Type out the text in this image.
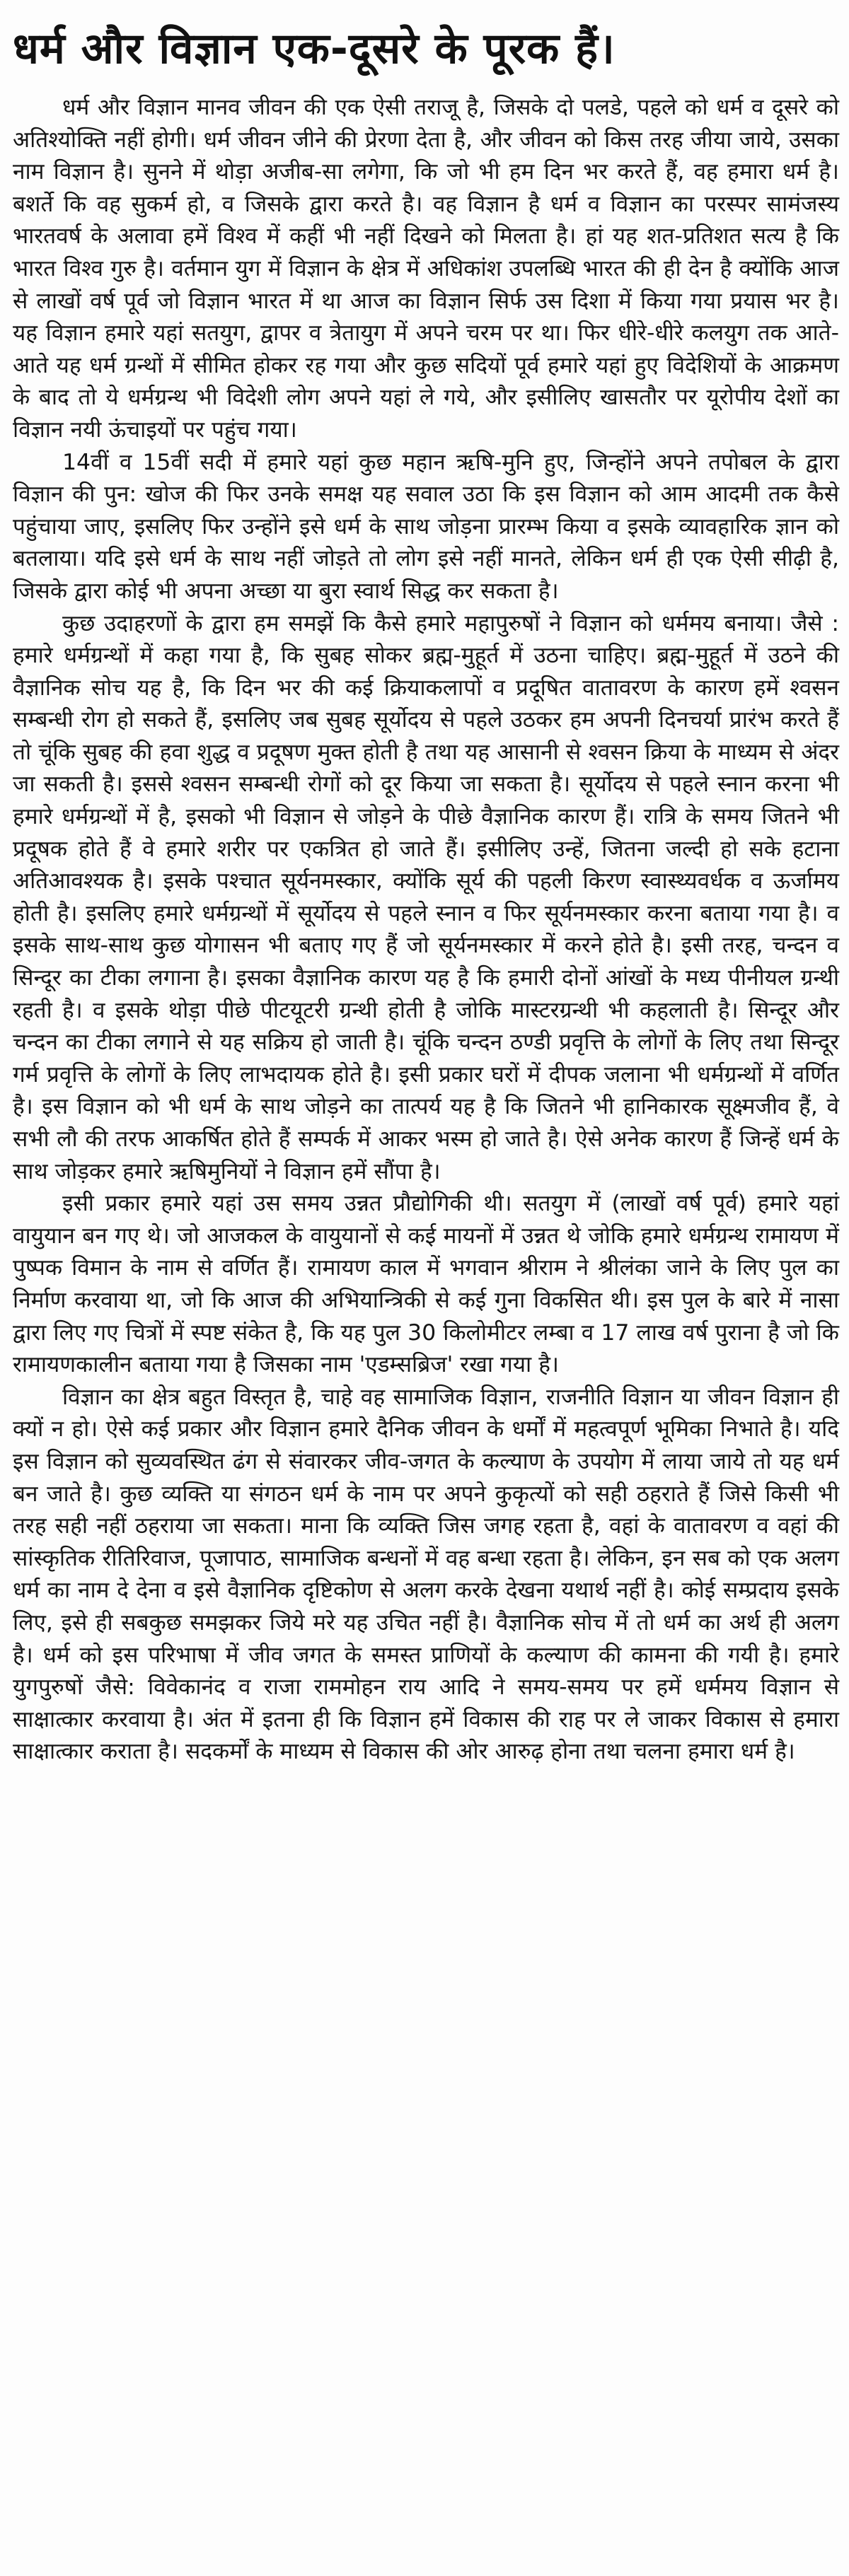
धर्म और विज्ञान एक-दूसरे के पूरक हैं।

धर्म और विज्ञान मानव जीवन की एक ऐसी तराजू है, जिसके दो पलडे, पहले को धर्म व दूसरे को अतिश्योक्ति नहीं होगी। धर्म जीवन जीने की प्रेरणा देता है, और जीवन को किस तरह जीया जाये, उसका नाम विज्ञान है। सुनने में थोड़ा अजीब-सा लगेगा, कि जो भी हम दिन भर करते हैं, वह हमारा धर्म है। बशर्ते कि वह सुकर्म हो, व जिसके द्वारा करते है। वह विज्ञान है धर्म व विज्ञान का परस्पर सामंजस्य भारतवर्ष के अलावा हमें विश्व में कहीं भी नहीं दिखने को मिलता है। हां यह शत-प्रतिशत सत्य है कि भारत विश्व गुरु है। वर्तमान युग में विज्ञान के क्षेत्र में अधिकांश उपलब्धि भारत की ही देन है क्योंकि आज से लाखों वर्ष पूर्व जो विज्ञान भारत में था आज का विज्ञान सिर्फ उस दिशा में किया गया प्रयास भर है। यह विज्ञान हमारे यहां सतयुग, द्वापर व त्रेतायुग में अपने चरम पर था। फिर धीरे-धीरे कलयुग तक आते-आते यह धर्म ग्रन्थों में सीमित होकर रह गया और कुछ सदियों पूर्व हमारे यहां हुए विदेशियों के आक्रमण के बाद तो ये धर्मग्रन्थ भी विदेशी लोग अपने यहां ले गये, और इसीलिए खासतौर पर यूरोपीय देशों का विज्ञान नयी ऊंचाइयों पर पहुंच गया।

14वीं व 15वीं सदी में हमारे यहां कुछ महान ऋषि-मुनि हुए, जिन्होंने अपने तपोबल के द्वारा विज्ञान की पुन: खोज की फिर उनके समक्ष यह सवाल उठा कि इस विज्ञान को आम आदमी तक कैसे पहुंचाया जाए, इसलिए फिर उन्होंने इसे धर्म के साथ जोड़ना प्रारम्भ किया व इसके व्यावहारिक ज्ञान को बतलाया। यदि इसे धर्म के साथ नहीं जोड़ते तो लोग इसे नहीं मानते, लेकिन धर्म ही एक ऐसी सीढ़ी है, जिसके द्वारा कोई भी अपना अच्छा या बुरा स्वार्थ सिद्ध कर सकता है।

कुछ उदाहरणों के द्वारा हम समझें कि कैसे हमारे महापुरुषों ने विज्ञान को धर्ममय बनाया। जैसे : हमारे धर्मग्रन्थों में कहा गया है, कि सुबह सोकर ब्रह्म-मुहूर्त में उठना चाहिए। ब्रह्म-मुहूर्त में उठने की वैज्ञानिक सोच यह है, कि दिन भर की कई क्रियाकलापों व प्रदूषित वातावरण के कारण हमें श्वसन सम्बन्धी रोग हो सकते हैं, इसलिए जब सुबह सूर्योदय से पहले उठकर हम अपनी दिनचर्या प्रारंभ करते हैं तो चूंकि सुबह की हवा शुद्ध व प्रदूषण मुक्त होती है तथा यह आसानी से श्वसन क्रिया के माध्यम से अंदर जा सकती है। इससे श्वसन सम्बन्धी रोगों को दूर किया जा सकता है। सूर्योदय से पहले स्नान करना भी हमारे धर्मग्रन्थों में है, इसको भी विज्ञान से जोड़ने के पीछे वैज्ञानिक कारण हैं। रात्रि के समय जितने भी प्रदूषक होते हैं वे हमारे शरीर पर एकत्रित हो जाते हैं। इसीलिए उन्हें, जितना जल्दी हो सके हटाना अतिआवश्यक है। इसके पश्चात सूर्यनमस्कार, क्योंकि सूर्य की पहली किरण स्वास्थ्यवर्धक व ऊर्जामय होती है। इसलिए हमारे धर्मग्रन्थों में सूर्योदय से पहले स्नान व फिर सूर्यनमस्कार करना बताया गया है। व इसके साथ-साथ कुछ योगासन भी बताए गए हैं जो सूर्यनमस्कार में करने होते है। इसी तरह, चन्दन व सिन्दूर का टीका लगाना है। इसका वैज्ञानिक कारण यह है कि हमारी दोनों आंखों के मध्य पीनीयल ग्रन्थी रहती है। व इसके थोड़ा पीछे पीटयूटरी ग्रन्थी होती है जोकि मास्टरग्रन्थी भी कहलाती है। सिन्दूर और चन्दन का टीका लगाने से यह सक्रिय हो जाती है। चूंकि चन्दन ठण्डी प्रवृत्ति के लोगों के लिए तथा सिन्दूर गर्म प्रवृत्ति के लोगों के लिए लाभदायक होते है। इसी प्रकार घरों में दीपक जलाना भी धर्मग्रन्थों में वर्णित है। इस विज्ञान को भी धर्म के साथ जोड़ने का तात्पर्य यह है कि जितने भी हानिकारक सूक्ष्मजीव हैं, वे सभी लौ की तरफ आकर्षित होते हैं सम्पर्क में आकर भस्म हो जाते है। ऐसे अनेक कारण हैं जिन्हें धर्म के साथ जोड़कर हमारे ऋषिमुनियों ने विज्ञान हमें सौंपा है।

इसी प्रकार हमारे यहां उस समय उन्नत प्रौद्योगिकी थी। सतयुग में (लाखों वर्ष पूर्व) हमारे यहां वायुयान बन गए थे। जो आजकल के वायुयानों से कई मायनों में उन्नत थे जोकि हमारे धर्मग्रन्थ रामायण में पुष्पक विमान के नाम से वर्णित हैं। रामायण काल में भगवान श्रीराम ने श्रीलंका जाने के लिए पुल का निर्माण करवाया था, जो कि आज की अभियान्त्रिकी से कई गुना विकसित थी। इस पुल के बारे में नासा द्वारा लिए गए चित्रों में स्पष्ट संकेत है, कि यह पुल 30 किलोमीटर लम्बा व 17 लाख वर्ष पुराना है जो कि रामायणकालीन बताया गया है जिसका नाम 'एडम्सब्रिज' रखा गया है।

विज्ञान का क्षेत्र बहुत विस्तृत है, चाहे वह सामाजिक विज्ञान, राजनीति विज्ञान या जीवन विज्ञान ही क्यों न हो। ऐसे कई प्रकार और विज्ञान हमारे दैनिक जीवन के धर्मों में महत्वपूर्ण भूमिका निभाते है। यदि इस विज्ञान को सुव्यवस्थित ढंग से संवारकर जीव-जगत के कल्याण के उपयोग में लाया जाये तो यह धर्म बन जाते है। कुछ व्यक्ति या संगठन धर्म के नाम पर अपने कुकृत्यों को सही ठहराते हैं जिसे किसी भी तरह सही नहीं ठहराया जा सकता। माना कि व्यक्ति जिस जगह रहता है, वहां के वातावरण व वहां की सांस्कृतिक रीतिरिवाज, पूजापाठ, सामाजिक बन्धनों में वह बन्धा रहता है। लेकिन, इन सब को एक अलग धर्म का नाम दे देना व इसे वैज्ञानिक दृष्टिकोण से अलग करके देखना यथार्थ नहीं है। कोई सम्प्रदाय इसके लिए, इसे ही सबकुछ समझकर जिये मरे यह उचित नहीं है। वैज्ञानिक सोच में तो धर्म का अर्थ ही अलग है। धर्म को इस परिभाषा में जीव जगत के समस्त प्राणियों के कल्याण की कामना की गयी है। हमारे युगपुरुषों जैसे: विवेकानंद व राजा राममोहन राय आदि ने समय-समय पर हमें धर्ममय विज्ञान से साक्षात्कार करवाया है। अंत में इतना ही कि विज्ञान हमें विकास की राह पर ले जाकर विकास से हमारा साक्षात्कार कराता है। सदकर्मों के माध्यम से विकास की ओर आरुढ़ होना तथा चलना हमारा धर्म है।
